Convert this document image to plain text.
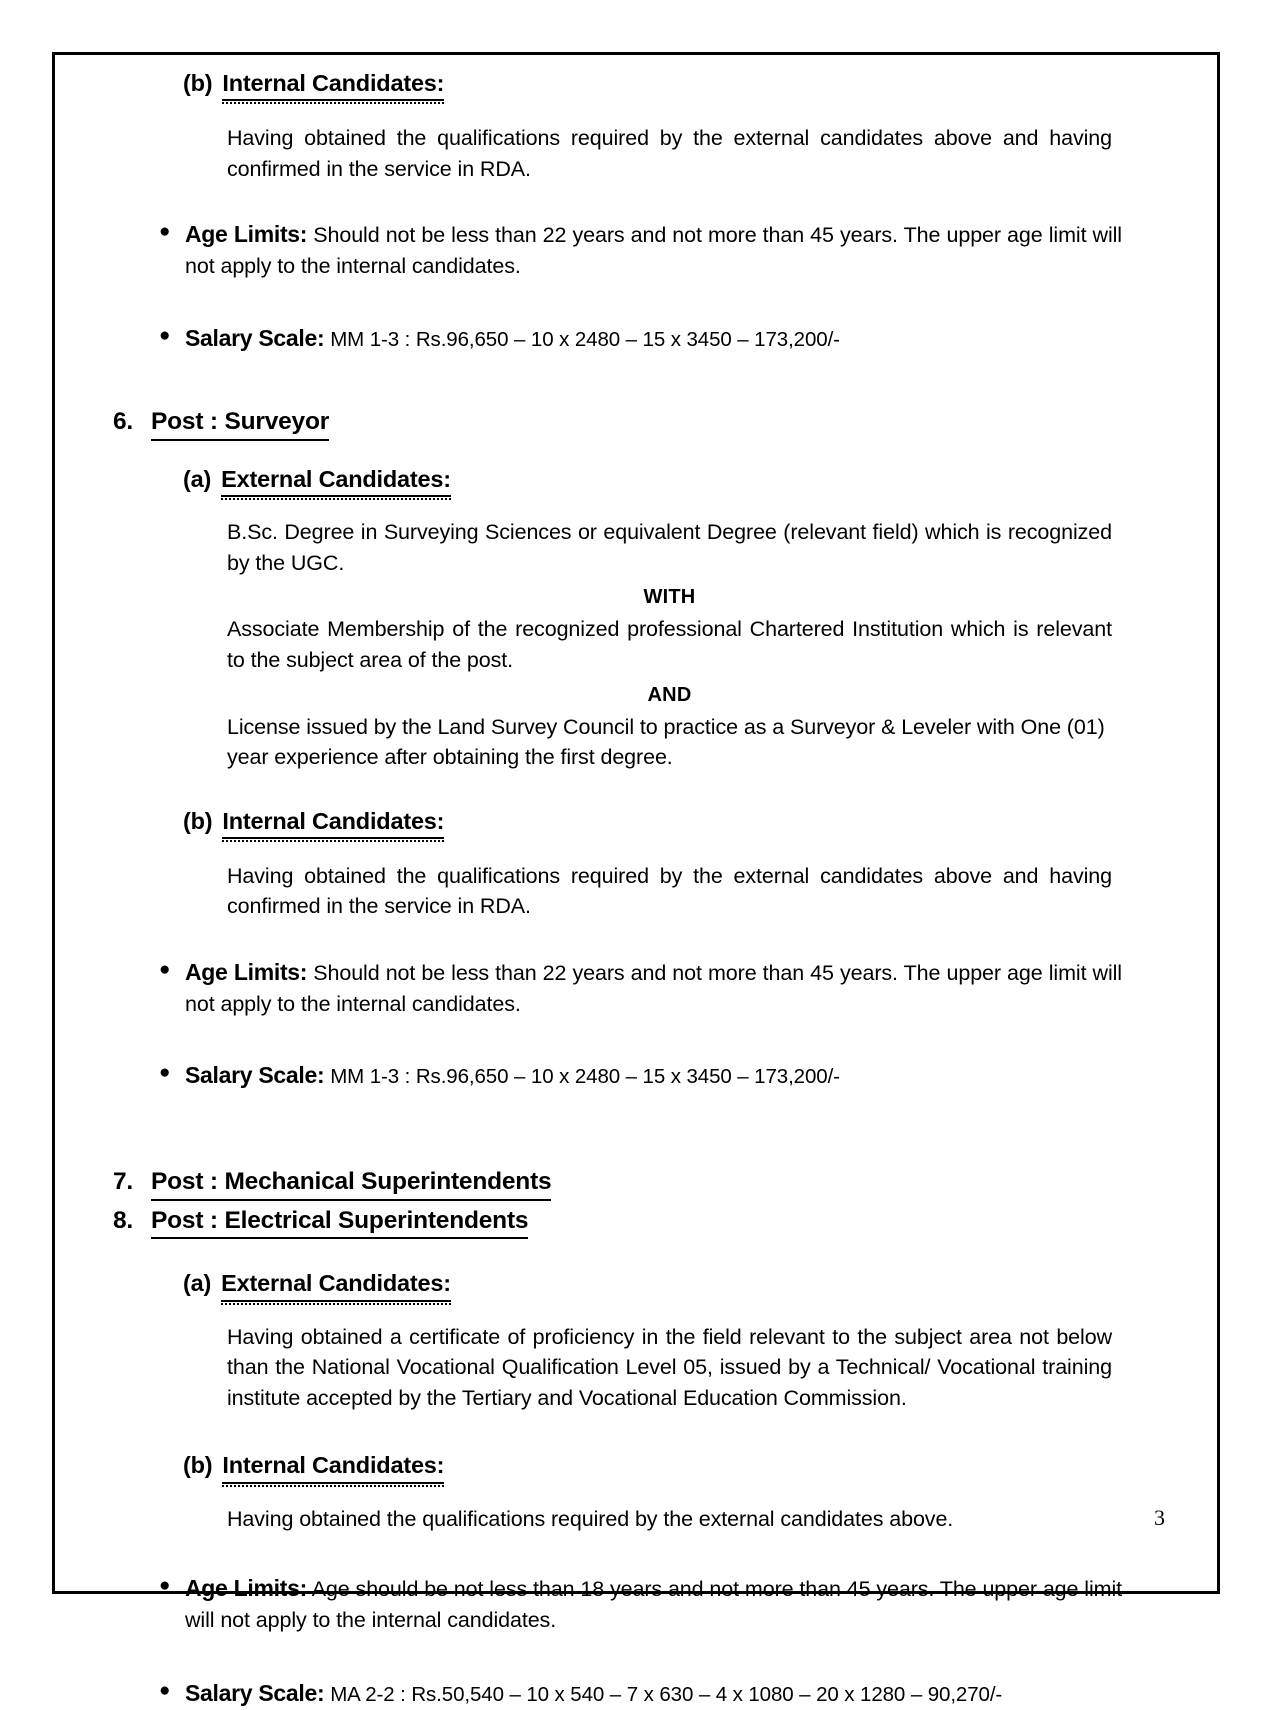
(b) Internal Candidates:
Having obtained the qualifications required by the external candidates above and having confirmed in the service in RDA.
● Age Limits: Should not be less than 22 years and not more than 45 years. The upper age limit will not apply to the internal candidates.
● Salary Scale: MM 1-3 : Rs.96,650 – 10 x 2480 – 15 x 3450 – 173,200/-
6. Post : Surveyor
(a) External Candidates:
B.Sc. Degree in Surveying Sciences or equivalent Degree (relevant field) which is recognized by the UGC.
WITH
Associate Membership of the recognized professional Chartered Institution which is relevant to the subject area of the post.
AND
License issued by the Land Survey Council to practice as a Surveyor & Leveler with One (01) year experience after obtaining the first degree.
(b) Internal Candidates:
Having obtained the qualifications required by the external candidates above and having confirmed in the service in RDA.
● Age Limits: Should not be less than 22 years and not more than 45 years. The upper age limit will not apply to the internal candidates.
● Salary Scale: MM 1-3 : Rs.96,650 – 10 x 2480 – 15 x 3450 – 173,200/-
7. Post : Mechanical Superintendents
8. Post : Electrical Superintendents
(a) External Candidates:
Having obtained a certificate of proficiency in the field relevant to the subject area not below than the National Vocational Qualification Level 05, issued by a Technical/ Vocational training institute accepted by the Tertiary and Vocational Education Commission.
(b) Internal Candidates:
Having obtained the qualifications required by the external candidates above.
● Age Limits: Age should be not less than 18 years and not more than 45 years. The upper age limit will not apply to the internal candidates.
● Salary Scale: MA 2-2 : Rs.50,540 – 10 x 540 – 7 x 630 – 4 x 1080 – 20 x 1280 – 90,270/-
3
